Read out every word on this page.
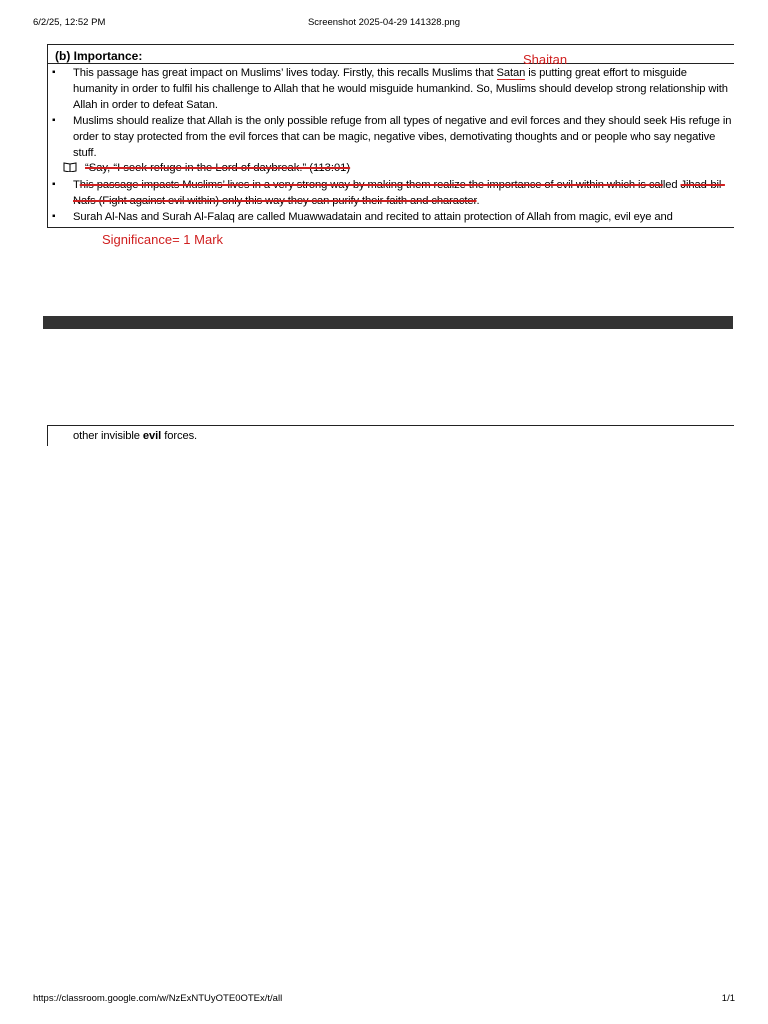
6/2/25, 12:52 PM	Screenshot 2025-04-29 141328.png
(b) Importance:
▪ This passage has great impact on Muslims’ lives today. Firstly, this recalls Muslims that Satan is putting great effort to misguide humanity in order to fulfil his challenge to Allah that he would misguide humankind. So, Muslims should develop strong relationship with Allah in order to defeat Satan.
▪ Muslims should realize that Allah is the only possible refuge from all types of negative and evil forces and they should seek His refuge in order to stay protected from the evil forces that can be magic, negative vibes, demotivating thoughts and or people who say negative stuff.
▪ This passage impacts Muslims’ lives in a very strong way by making them realize the importance of evil within which is called Jihad-bil-Nafs (Fight against evil within) only this way they can purify their faith and character.
▪ Surah Al-Nas and Surah Al-Falaq are called Muawwadatain and recited to attain protection of Allah from magic, evil eye and
“Say, “I seek refuge in the Lord of daybreak.” (113:01)
Shaitan
Significance= 1 Mark
other invisible evil forces.
https://classroom.google.com/w/NzExNTUyOTE0OTEx/t/all	1/1
